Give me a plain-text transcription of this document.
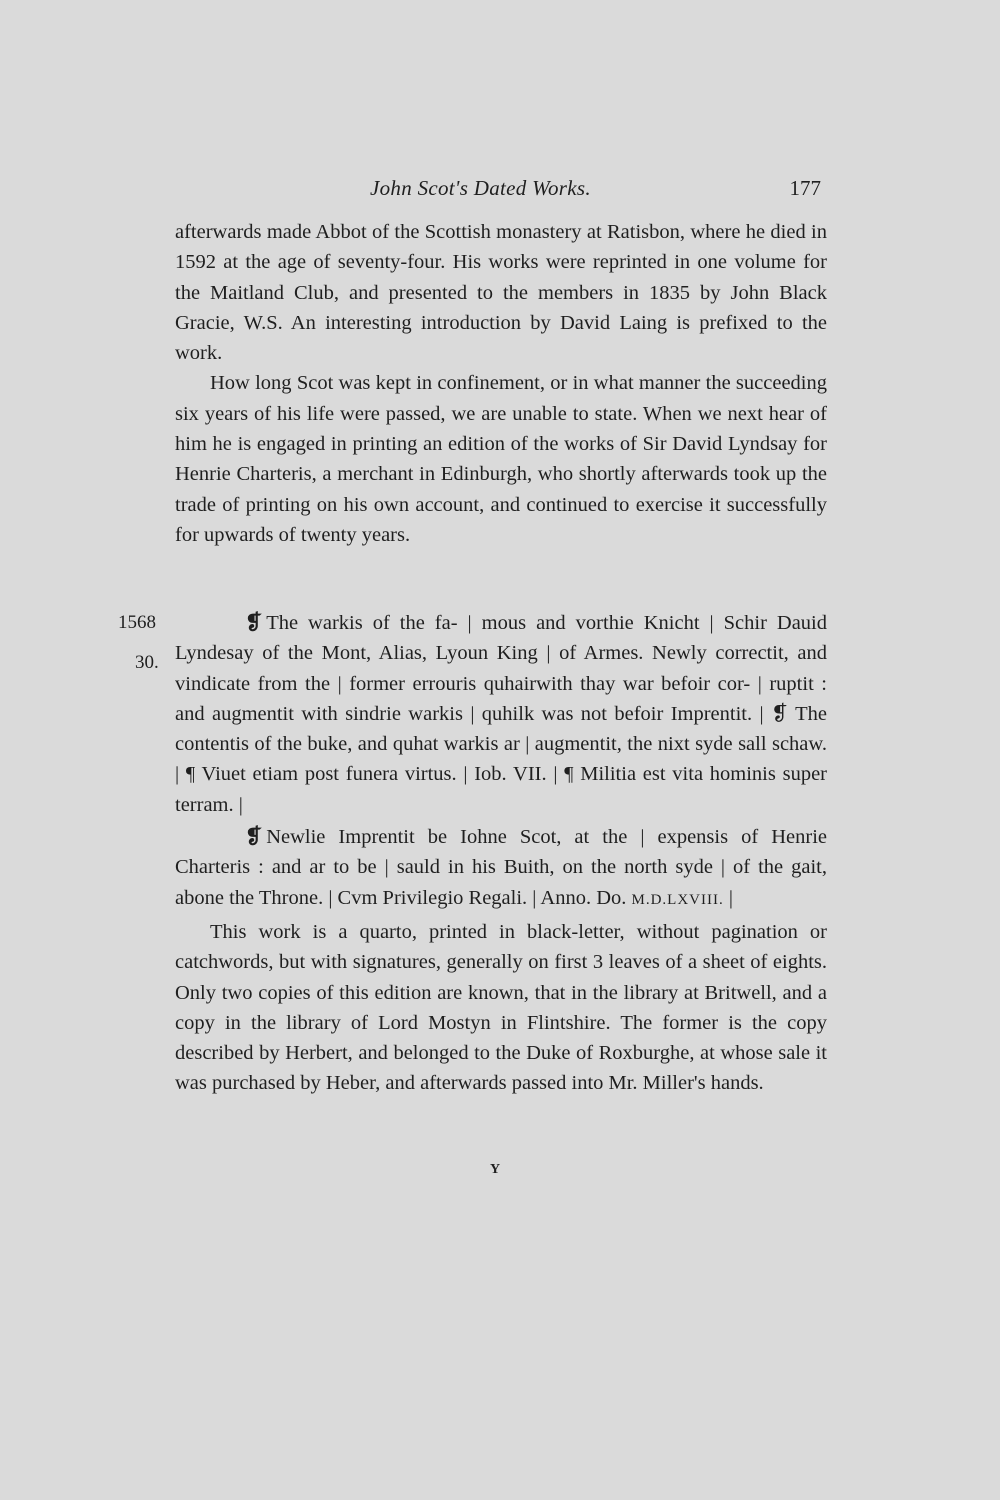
John Scot's Dated Works.	177

afterwards made Abbot of the Scottish monastery at Ratisbon, where he died in 1592 at the age of seventy-four. His works were reprinted in one volume for the Maitland Club, and presented to the members in 1835 by John Black Gracie, W.S. An interesting introduction by David Laing is prefixed to the work.

How long Scot was kept in confinement, or in what manner the succeeding six years of his life were passed, we are unable to state. When we next hear of him he is engaged in printing an edition of the works of Sir David Lyndsay for Henrie Charteris, a merchant in Edinburgh, who shortly afterwards took up the trade of printing on his own account, and continued to exercise it successfully for upwards of twenty years.

1568
30.

❡ The warkis of the fa- | mous and vorthie Knicht | Schir Dauid Lyndesay of the Mont, Alias, Lyoun King | of Armes. Newly correctit, and vindicate from the | former errouris quhairwith thay war befoir cor- | ruptit : and augmentit with sindrie warkis | quhilk was not befoir Imprentit. | ❡ The contentis of the buke, and quhat warkis ar | augmentit, the nixt syde sall schaw. | ¶ Viuet etiam post funera virtus. | Iob. VII. | ¶ Militia est vita hominis super terram. |

❡ Newlie Imprentit be Iohne Scot, at the | expensis of Henrie Charteris : and ar to be | sauld in his Buith, on the north syde | of the gait, abone the Throne. | Cvm Privilegio Regali. | Anno. Do. M.D.LXVIII. |

This work is a quarto, printed in black-letter, without pagination or catchwords, but with signatures, generally on first 3 leaves of a sheet of eights. Only two copies of this edition are known, that in the library at Britwell, and a copy in the library of Lord Mostyn in Flintshire. The former is the copy described by Herbert, and belonged to the Duke of Roxburghe, at whose sale it was purchased by Heber, and afterwards passed into Mr. Miller's hands.

Y
